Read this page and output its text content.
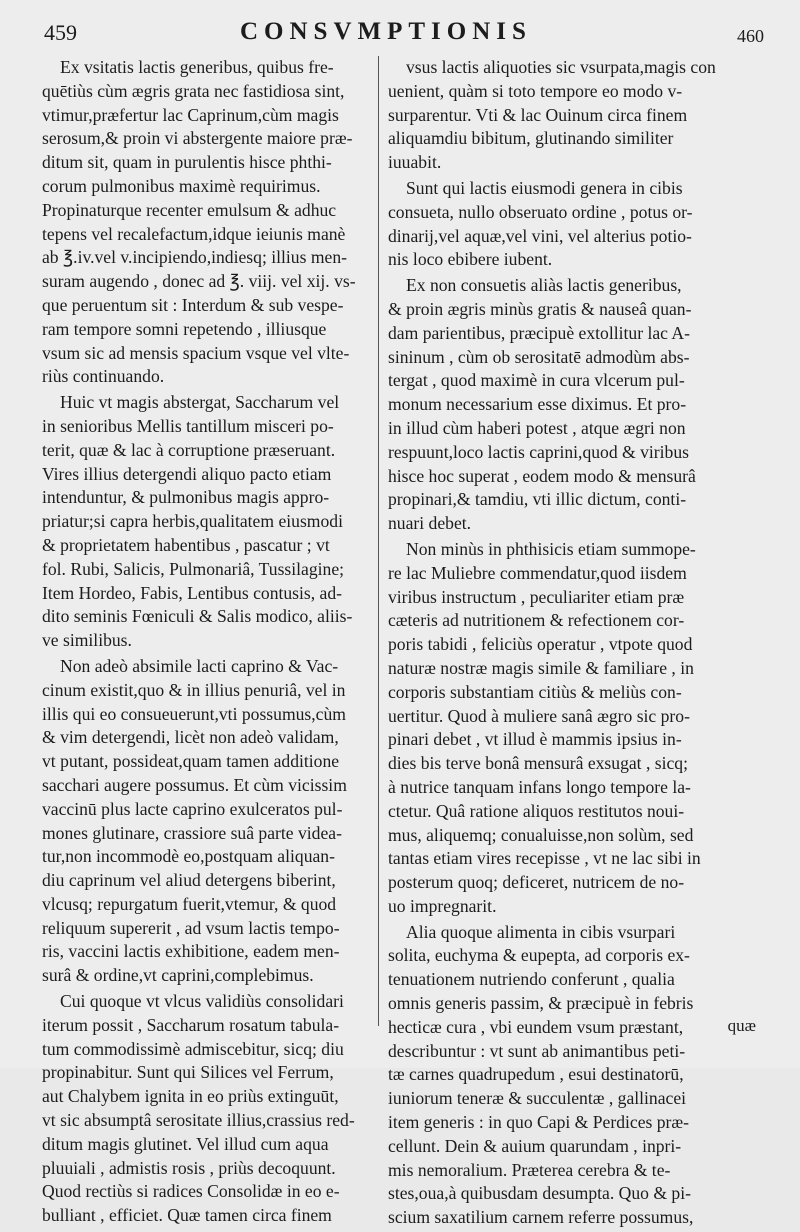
459	CONSVMPTIONIS	460
Ex vsitatis lactis generibus, quibus fre-
quētiùs cùm ægris grata nec fastidiosa sint,
vtimur,præfertur lac Caprinum,cùm magis
serosum,& proin vi abstergente maiore præ-
ditum sit, quam in purulentis hisce phthi-
corum pulmonibus maximè requirimus.
Propinaturque recenter emulsum & adhuc
tepens vel recalefactum,idque ieiunis manè
ab ℥.iv.vel v.incipiendo,indiesq; illius men-
suram augendo , donec ad ℥. viij. vel xij. vs-
que peruentum sit : Interdum & sub vespe-
ram tempore somni repetendo , illiusque
vsum sic ad mensis spacium vsque vel vlte-
riùs continuando.
Huic vt magis abstergat, Saccharum vel
in senioribus Mellis tantillum misceri po-
terit, quæ & lac à corruptione præseruant.
Vires illius detergendi aliquo pacto etiam
intenduntur, & pulmonibus magis appro-
priatur;si capra herbis,qualitatem eiusmodi
& proprietatem habentibus , pascatur ; vt
fol. Rubi, Salicis, Pulmonariâ, Tussilagine;
Item Hordeo, Fabis, Lentibus contusis, ad-
dito seminis Fœniculi & Salis modico, aliis-
ve similibus.
Non adeò absimile lacti caprino & Vac-
cinum existit,quo & in illius penuriâ, vel in
illis qui eo consueuerunt,vti possumus,cùm
& vim detergendi, licèt non adeò validam,
vt putant, possideat,quam tamen additione
sacchari augere possumus. Et cùm vicissim
vaccinū plus lacte caprino exulceratos pul-
mones glutinare, crassiore suâ parte videa-
tur,non incommodè eo,postquam aliquan-
diu caprinum vel aliud detergens biberint,
vlcusq; repurgatum fuerit,vtemur, & quod
reliquum supererit , ad vsum lactis tempo-
ris, vaccini lactis exhibitione, eadem men-
surâ & ordine,vt caprini,complebimus.
Cui quoque vt vlcus validiùs consolidari
iterum possit , Saccharum rosatum tabula-
tum commodissimè admiscebitur, sicq; diu
propinabitur. Sunt qui Silices vel Ferrum,
aut Chalybem ignita in eo priùs extinguūt,
vt sic absumptâ serositate illius,crassius red-
ditum magis glutinet. Vel illud cum aqua
pluuiali , admistis rosis , priùs decoquunt.
Quod rectiùs si radices Consolidæ in eo e-
bulliant , efficiet. Quæ tamen circa finem
vsus lactis aliquoties sic vsurpata,magis con
uenient, quàm si toto tempore eo modo v-
surparentur. Vti & lac Ouinum circa finem
aliquamdiu bibitum, glutinando similiter
iuuabit.
Sunt qui lactis eiusmodi genera in cibis
consueta, nullo obseruato ordine , potus or-
dinarij,vel aquæ,vel vini, vel alterius potio-
nis loco ebibere iubent.
Ex non consuetis aliàs lactis generibus,
& proin ægris minùs gratis & nauseâ quan-
dam parientibus, præcipuè extollitur lac A-
sininum , cùm ob serositatē admodùm abs-
tergat , quod maximè in cura vlcerum pul-
monum necessarium esse diximus. Et pro-
in illud cùm haberi potest , atque ægri non
respuunt,loco lactis caprini,quod & viribus
hisce hoc superat , eodem modo & mensurâ
propinari,& tamdiu, vti illic dictum, conti-
nuari debet.
Non minùs in phthisicis etiam summope-
re lac Muliebre commendatur,quod iisdem
viribus instructum , peculiariter etiam præ
cæteris ad nutritionem & refectionem cor-
poris tabidi , feliciùs operatur , vtpote quod
naturæ nostræ magis simile & familiare , in
corporis substantiam citiùs & meliùs con-
uertitur. Quod à muliere sanâ ægro sic pro-
pinari debet , vt illud è mammis ipsius in-
dies bis terve bonâ mensurâ exsugat , sicq;
à nutrice tanquam infans longo tempore la-
ctetur. Quâ ratione aliquos restitutos noui-
mus, aliquemq; conualuisse,non solùm, sed
tantas etiam vires recepisse , vt ne lac sibi in
posterum quoq; deficeret, nutricem de no-
uo impregnarit.
Alia quoque alimenta in cibis vsurpari
solita, euchyma & eupepta, ad corporis ex-
tenuationem nutriendo conferunt , qualia
omnis generis passim, & præcipuè in febris
hecticæ cura , vbi eundem vsum præstant,
describuntur : vt sunt ab animantibus peti-
tæ carnes quadrupedum , esui destinatorū,
iuniorum teneræ & succulentæ , gallinacei
item generis : in quo Capi & Perdices præ-
cellunt. Dein & auium quarundam , inpri-
mis nemoralium. Præterea cerebra & te-
stes,oua,à quibusdam desumpta. Quo & pi-
scium saxatilium carnem referre possumus,
quæ
